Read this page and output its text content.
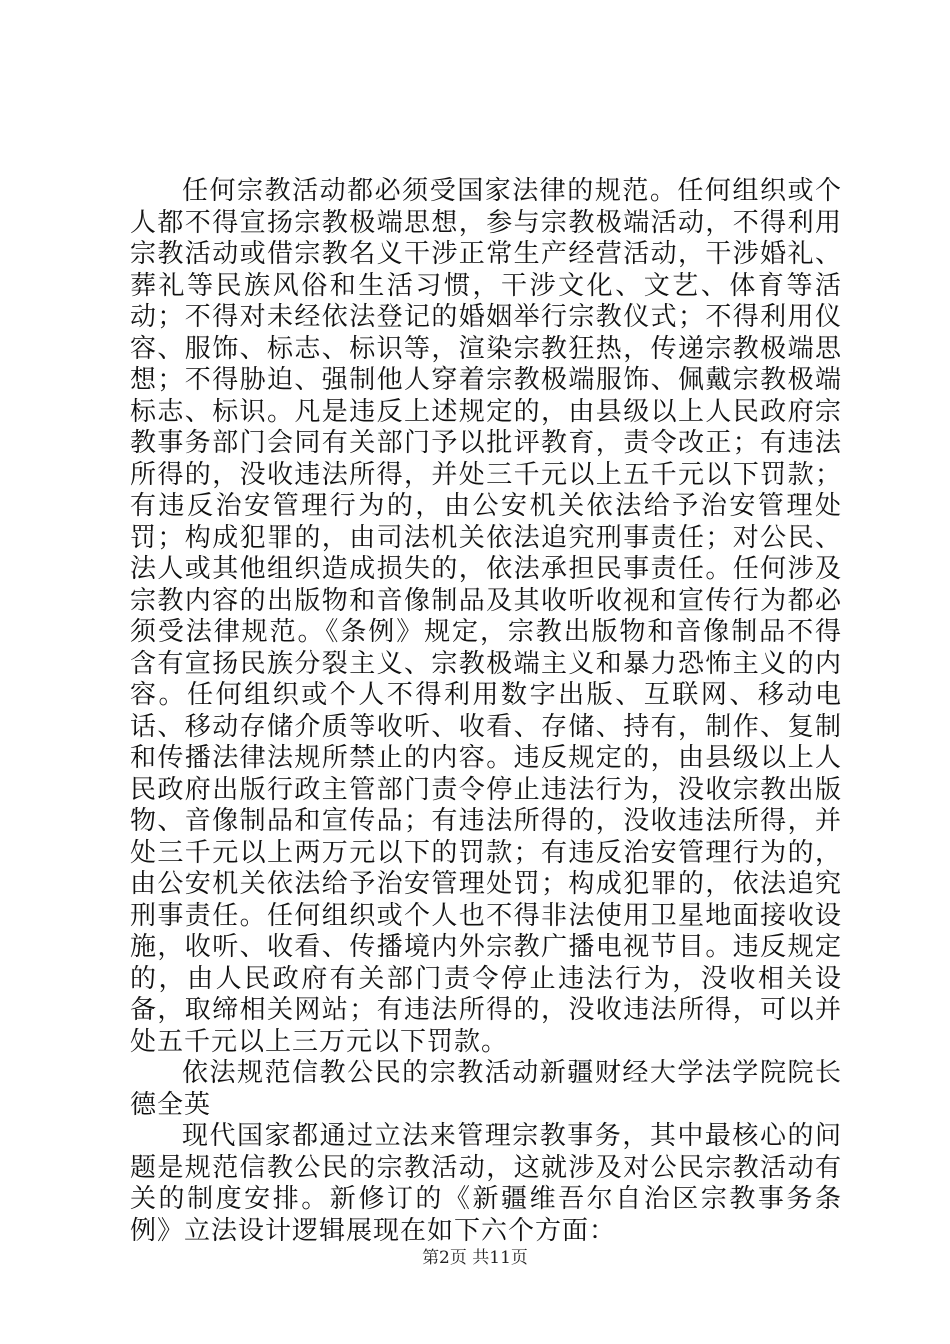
任何宗教活动都必须受国家法律的规范。任何组织或个人都不得宣扬宗教极端思想，参与宗教极端活动，不得利用宗教活动或借宗教名义干涉正常生产经营活动，干涉婚礼、葬礼等民族风俗和生活习惯，干涉文化、文艺、体育等活动；不得对未经依法登记的婚姻举行宗教仪式；不得利用仪容、服饰、标志、标识等，渲染宗教狂热，传递宗教极端思想；不得胁迫、强制他人穿着宗教极端服饰、佩戴宗教极端标志、标识。凡是违反上述规定的，由县级以上人民政府宗教事务部门会同有关部门予以批评教育，责令改正；有违法所得的，没收违法所得，并处三千元以上五千元以下罚款；有违反治安管理行为的，由公安机关依法给予治安管理处罚；构成犯罪的，由司法机关依法追究刑事责任；对公民、法人或其他组织造成损失的，依法承担民事责任。任何涉及宗教内容的出版物和音像制品及其收听收视和宣传行为都必须受法律规范。《条例》规定，宗教出版物和音像制品不得含有宣扬民族分裂主义、宗教极端主义和暴力恐怖主义的内容。任何组织或个人不得利用数字出版、互联网、移动电话、移动存储介质等收听、收看、存储、持有，制作、复制和传播法律法规所禁止的内容。违反规定的，由县级以上人民政府出版行政主管部门责令停止违法行为，没收宗教出版物、音像制品和宣传品；有违法所得的，没收违法所得，并处三千元以上两万元以下的罚款；有违反治安管理行为的，由公安机关依法给予治安管理处罚；构成犯罪的，依法追究刑事责任。任何组织或个人也不得非法使用卫星地面接收设施，收听、收看、传播境内外宗教广播电视节目。违反规定的，由人民政府有关部门责令停止违法行为，没收相关设备，取缔相关网站；有违法所得的，没收违法所得，可以并处五千元以上三万元以下罚款。

依法规范信教公民的宗教活动新疆财经大学法学院院长德全英

现代国家都通过立法来管理宗教事务，其中最核心的问题是规范信教公民的宗教活动，这就涉及对公民宗教活动有关的制度安排。新修订的《新疆维吾尔自治区宗教事务条例》立法设计逻辑展现在如下六个方面：

第2页 共11页
